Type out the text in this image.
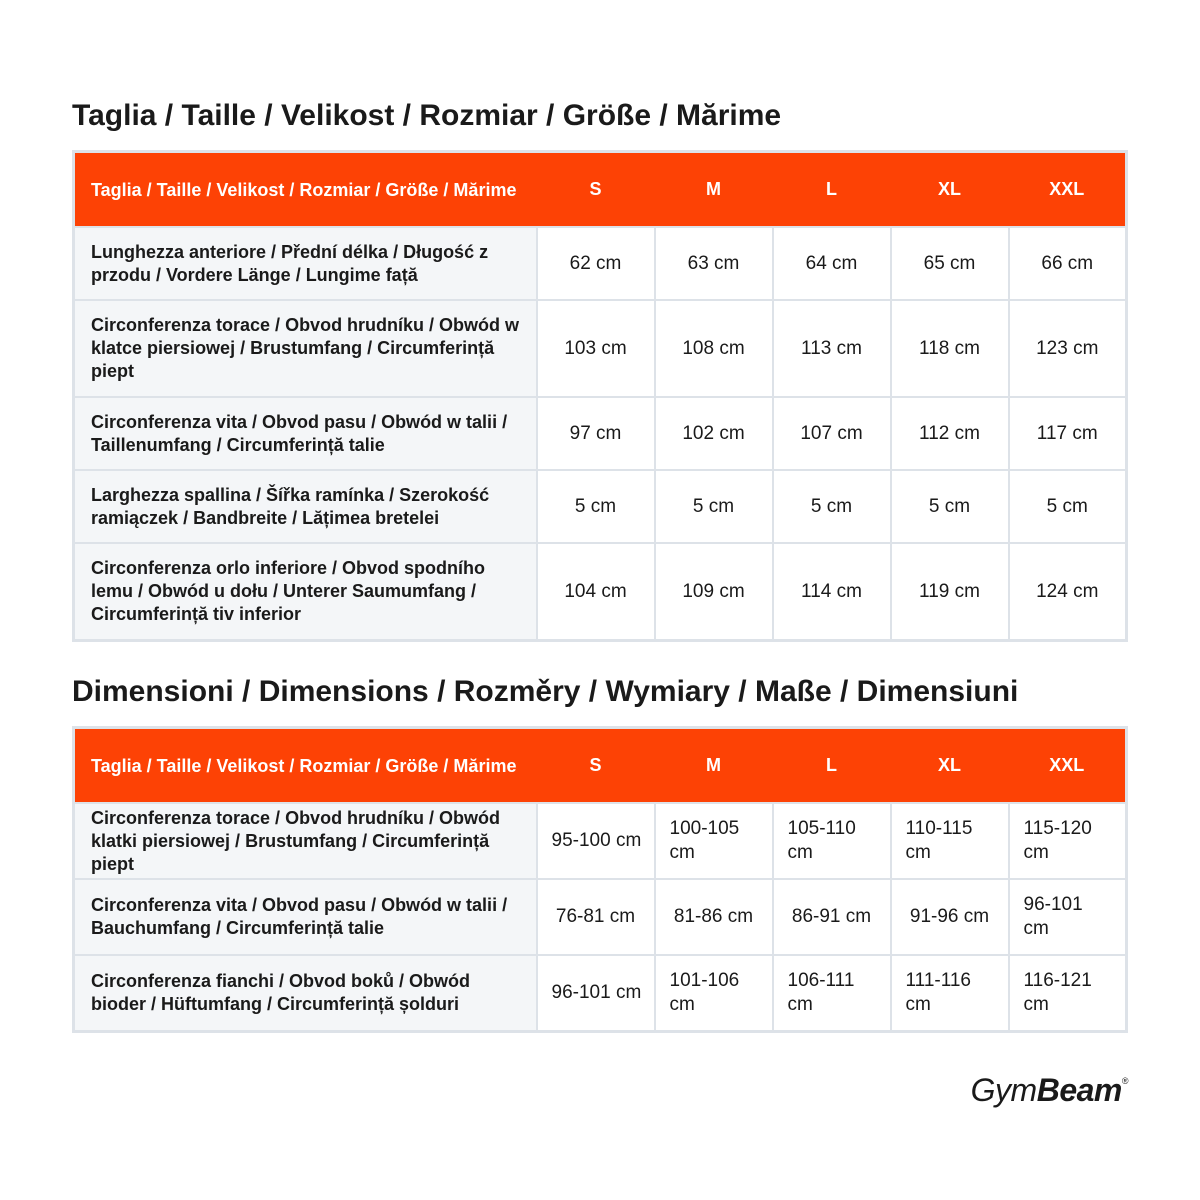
Taglia / Taille / Velikost / Rozmiar / Größe / Mărime
Taglia / Taille / Velikost / Rozmiar / Größe / Mărime	S	M	L	XL	XXL
Lunghezza anteriore / Přední délka / Długość z przodu / Vordere Länge / Lungime față	62 cm	63 cm	64 cm	65 cm	66 cm
Circonferenza torace / Obvod hrudníku / Obwód w klatce piersiowej / Brustumfang / Circumferință piept	103 cm	108 cm	113 cm	118 cm	123 cm
Circonferenza vita / Obvod pasu / Obwód w talii / Taillenumfang / Circumferință talie	97 cm	102 cm	107 cm	112 cm	117 cm
Larghezza spallina / Šířka ramínka / Szerokość ramiączek / Bandbreite / Lățimea bretelei	5 cm	5 cm	5 cm	5 cm	5 cm
Circonferenza orlo inferiore / Obvod spodního lemu / Obwód u dołu / Unterer Saumumfang / Circumferință tiv inferior	104 cm	109 cm	114 cm	119 cm	124 cm
Dimensioni / Dimensions / Rozměry / Wymiary / Maße / Dimensiuni
Taglia / Taille / Velikost / Rozmiar / Größe / Mărime	S	M	L	XL	XXL
Circonferenza torace / Obvod hrudníku / Obwód klatki piersiowej / Brustumfang / Circumferință piept	95-100 cm	100-105 cm	105-110 cm	110-115 cm	115-120 cm
Circonferenza vita / Obvod pasu / Obwód w talii / Bauchumfang / Circumferință talie	76-81 cm	81-86 cm	86-91 cm	91-96 cm	96-101 cm
Circonferenza fianchi / Obvod boků / Obwód bioder / Hüftumfang / Circumferință șolduri	96-101 cm	101-106 cm	106-111 cm	111-116 cm	116-121 cm
GymBeam®
